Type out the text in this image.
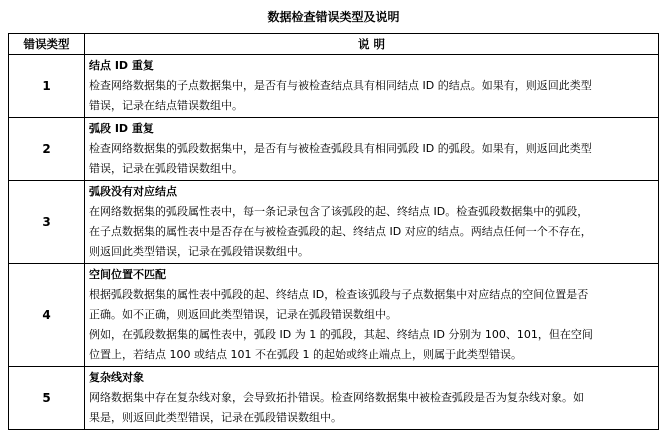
数据检查错误类型及说明
错误类型	说 明
1	结点 ID 重复
检查网络数据集的子点数据集中，是否有与被检查结点具有相同结点 ID 的结点。如果有，则返回此类型
错误，记录在结点错误数组中。

2	弧段 ID 重复
检查网络数据集的弧段数据集中，是否有与被检查弧段具有相同弧段 ID 的弧段。如果有，则返回此类型
错误，记录在弧段错误数组中。

3	弧段没有对应结点
在网络数据集的弧段属性表中，每一条记录包含了该弧段的起、终结点 ID。检查弧段数据集中的弧段，
在子点数据集的属性表中是否存在与被检查弧段的起、终结点 ID 对应的结点。两结点任何一个不存在，
则返回此类型错误，记录在弧段错误数组中。

4	空间位置不匹配
根据弧段数据集的属性表中弧段的起、终结点 ID，检查该弧段与子点数据集中对应结点的空间位置是否
正确。如不正确，则返回此类型错误，记录在弧段错误数组中。
例如，在弧段数据集的属性表中，弧段 ID 为 1 的弧段，其起、终结点 ID 分别为 100、101，但在空间
位置上，若结点 100 或结点 101 不在弧段 1 的起始或终止端点上，则属于此类型错误。

5	复杂线对象
网络数据集中存在复杂线对象，会导致拓扑错误。检查网络数据集中被检查弧段是否为复杂线对象。如
果是，则返回此类型错误，记录在弧段错误数组中。
